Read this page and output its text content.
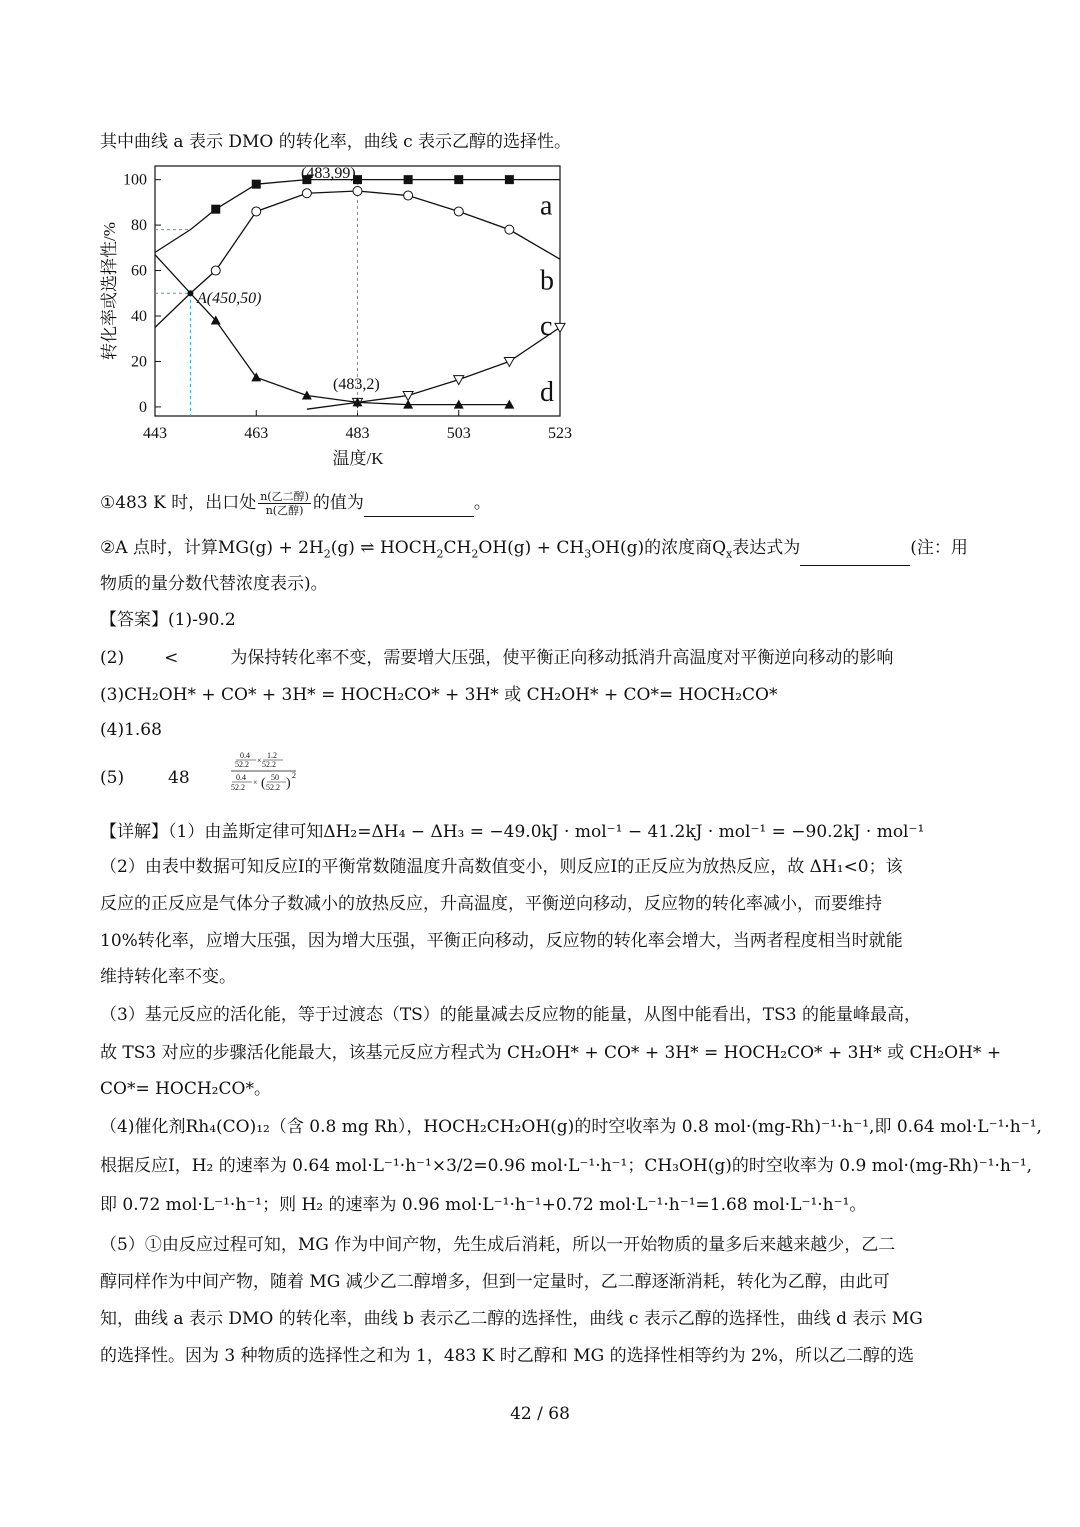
其中曲线 a 表示 DMO 的转化率，曲线 c 表示乙醇的选择性。
0
20
40
60
80
100
443	463	483	503	523
a
b
c
d
(483,99)
A(450,50)
(483,2)
温度/K
转化率或选择性/%
①483 K 时，出口处 $\frac{\text{n(乙二醇)}}{\text{n(乙醇)}}$ 的值为	。
②A 点时，计算$MG(g) + 2H_2(g)$ ⇌ $HOCH_2CH_2OH(g) + CH_3OH(g)$的浓度商$Q_x$表达式为	(注：用
物质的量分数代替浓度表示)。
【答案】(1)-90.2
(2) <	为保持转化率不变，需要增大压强，使平衡正向移动抵消升高温度对平衡逆向移动的影响
(3)CH₂OH* + CO* + 3H* = HOCH₂CO* + 3H* 或 CH₂OH* + CO*= HOCH₂CO*
(4)1.68
(5)	48
0.4
52.2 ×
1.2
52.2
0.4
52.2
× ( 50
52.2 )
2
【详解】（1）由盖斯定律可知ΔH₂=ΔH₄ − ΔH₃ = −49.0kJ · mol⁻¹ − 41.2kJ · mol⁻¹ = −90.2kJ · mol⁻¹
（2）由表中数据可知反应I的平衡常数随温度升高数值变小，则反应I的正反应为放热反应，故 ΔH₁<0；该
反应的正反应是气体分子数减小的放热反应，升高温度，平衡逆向移动，反应物的转化率减小，而要维持
10%转化率，应增大压强，因为增大压强，平衡正向移动，反应物的转化率会增大，当两者程度相当时就能
维持转化率不变。
（3）基元反应的活化能，等于过渡态（TS）的能量减去反应物的能量，从图中能看出，TS3 的能量峰最高，
故 TS3 对应的步骤活化能最大，该基元反应方程式为 CH₂OH* + CO* + 3H* = HOCH₂CO* + 3H* 或 CH₂OH* +
CO*= HOCH₂CO*。
（4)催化剂Rh₄(CO)₁₂（含 0.8 mg Rh），HOCH₂CH₂OH(g)的时空收率为 0.8 mol·(mg-Rh)⁻¹·h⁻¹,即 0.64 mol·L⁻¹·h⁻¹,
根据反应I，H₂ 的速率为 0.64 mol·L⁻¹·h⁻¹×3/2=0.96 mol·L⁻¹·h⁻¹；CH₃OH(g)的时空收率为 0.9 mol·(mg-Rh)⁻¹·h⁻¹,
即 0.72 mol·L⁻¹·h⁻¹；则 H₂ 的速率为 0.96 mol·L⁻¹·h⁻¹+0.72 mol·L⁻¹·h⁻¹=1.68 mol·L⁻¹·h⁻¹。
（5）①由反应过程可知，MG 作为中间产物，先生成后消耗，所以一开始物质的量多后来越来越少，乙二
醇同样作为中间产物，随着 MG 减少乙二醇增多，但到一定量时，乙二醇逐渐消耗，转化为乙醇，由此可
知，曲线 a 表示 DMO 的转化率，曲线 b 表示乙二醇的选择性，曲线 c 表示乙醇的选择性，曲线 d 表示 MG
的选择性。因为 3 种物质的选择性之和为 1，483 K 时乙醇和 MG 的选择性相等约为 2%，所以乙二醇的选
42 / 68
